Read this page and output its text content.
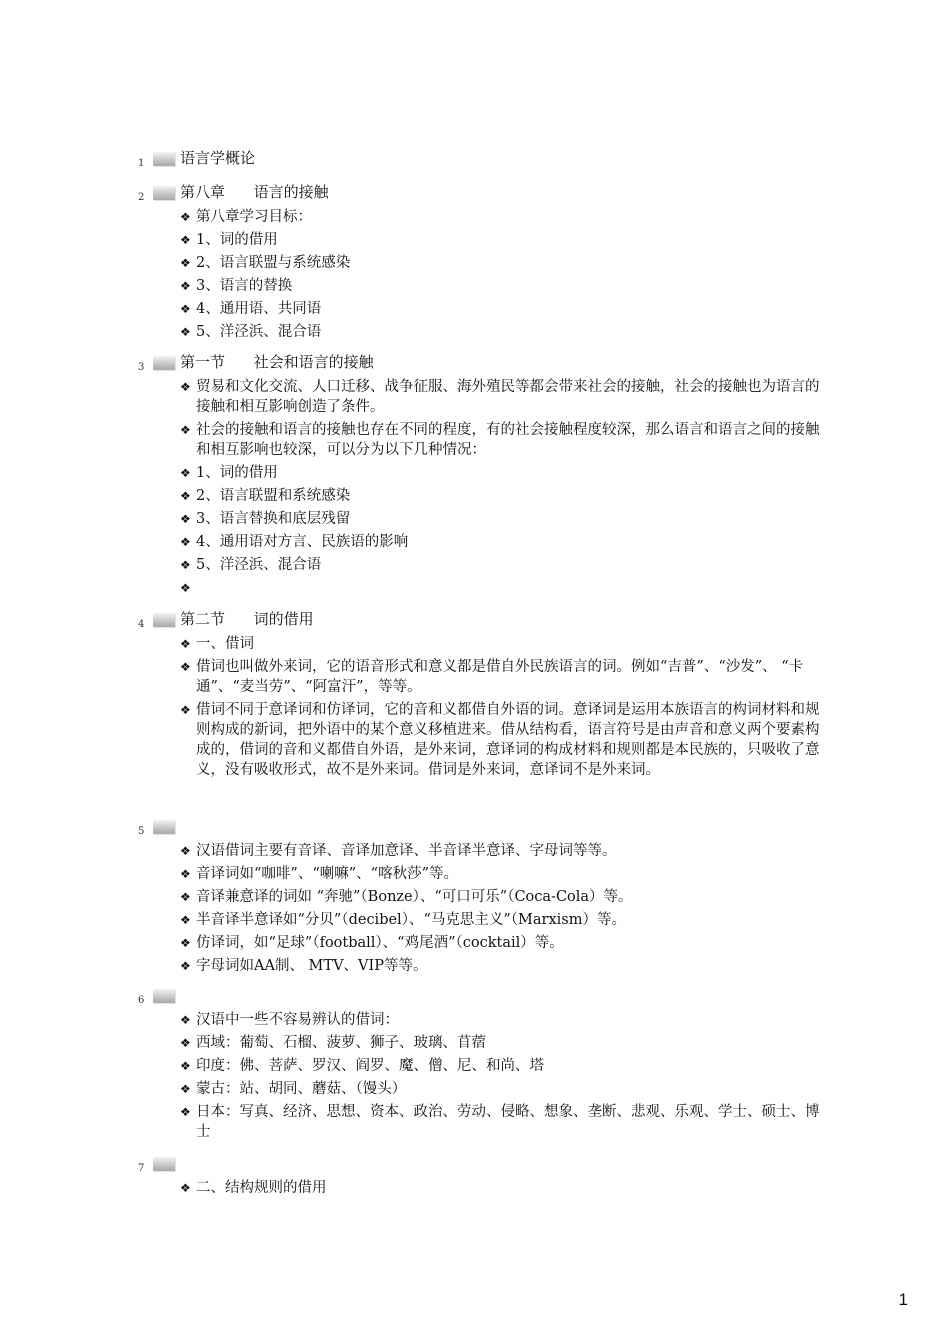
1 语言学概论
2 第八章      语言的接触
❖ 第八章学习目标：
❖ 1、词的借用
❖ 2、语言联盟与系统感染
❖ 3、语言的替换
❖ 4、通用语、共同语
❖ 5、洋泾浜、混合语
3 第一节      社会和语言的接触
❖ 贸易和文化交流、人口迁移、战争征服、海外殖民等都会带来社会的接触，社会的接触也为语言的接触和相互影响创造了条件。
❖ 社会的接触和语言的接触也存在不同的程度，有的社会接触程度较深，那么语言和语言之间的接触和相互影响也较深，可以分为以下几种情况：
❖ 1、词的借用
❖ 2、语言联盟和系统感染
❖ 3、语言替换和底层残留
❖ 4、通用语对方言、民族语的影响
❖ 5、洋泾浜、混合语
❖
4 第二节      词的借用
❖ 一、借词
❖ 借词也叫做外来词，它的语音形式和意义都是借自外民族语言的词。例如“吉普”、“沙发”、 “卡通”、“麦当劳”、“阿富汗”，等等。
❖ 借词不同于意译词和仿译词，它的音和义都借自外语的词。意译词是运用本族语言的构词材料和规则构成的新词，把外语中的某个意义移植进来。借从结构看，语言符号是由声音和意义两个要素构成的，借词的音和义都借自外语，是外来词，意译词的构成材料和规则都是本民族的，只吸收了意义，没有吸收形式，故不是外来词。借词是外来词，意译词不是外来词。
5
❖ 汉语借词主要有音译、音译加意译、半音译半意译、字母词等等。
❖ 音译词如“咖啡”、“喇嘛”、“喀秋莎”等。
❖ 音译兼意译的词如 “奔驰”（Bonze）、“可口可乐”（Coca-Cola）等。
❖ 半音译半意译如“分贝”（decibel）、“马克思主义”（Marxism）等。
❖ 仿译词，如“足球”（football）、“鸡尾酒”（cocktail）等。
❖ 字母词如AA制、 MTV、VIP等等。
6
❖ 汉语中一些不容易辨认的借词：
❖ 西域：葡萄、石榴、菠萝、狮子、玻璃、苜蓿
❖ 印度：佛、菩萨、罗汉、阎罗、魔、僧、尼、和尚、塔
❖ 蒙古：站、胡同、蘑菇、（馒头）
❖ 日本：写真、经济、思想、资本、政治、劳动、侵略、想象、垄断、悲观、乐观、学士、硕士、博士
7
❖ 二、结构规则的借用
1
